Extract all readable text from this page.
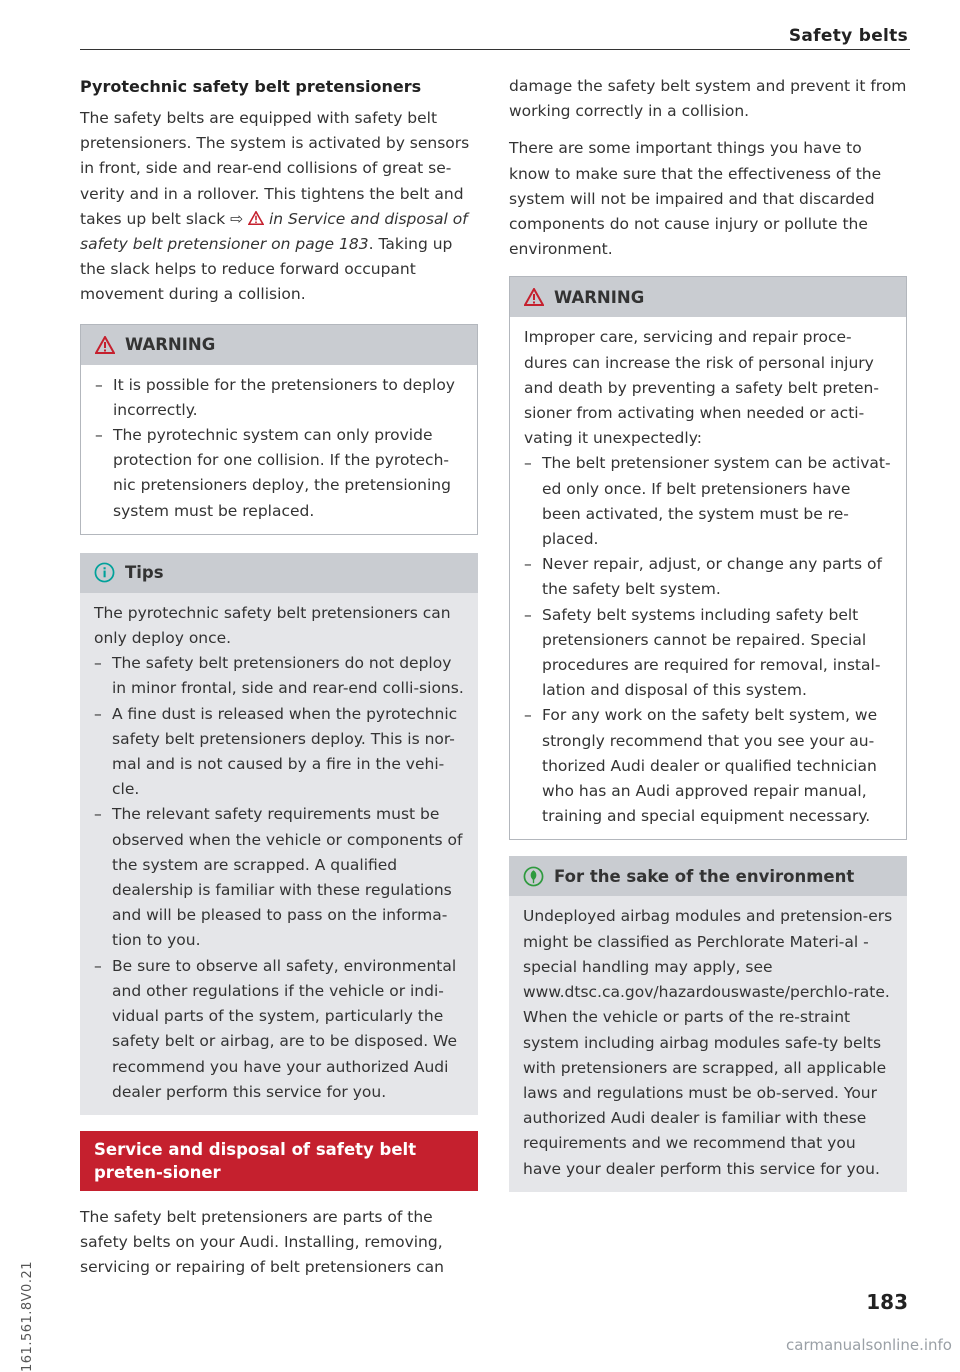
Safety belts
Pyrotechnic safety belt pretensioners

The safety belts are equipped with safety belt pretensioners. The system is activated by sensors in front, side and rear-end collisions of great se-verity and in a rollover. This tightens the belt and takes up belt slack ⇨  in Service and disposal of safety belt pretensioner on page 183. Taking up the slack helps to reduce forward occupant movement during a collision.

WARNING
– It is possible for the pretensioners to deploy incorrectly.
– The pyrotechnic system can only provide protection for one collision. If the pyrotech-nic pretensioners deploy, the pretensioning system must be replaced.
Tips

The pyrotechnic safety belt pretensioners can only deploy once.

– The safety belt pretensioners do not deploy in minor frontal, side and rear-end colli-sions.
– A fine dust is released when the pyrotechnic safety belt pretensioners deploy. This is nor-mal and is not caused by a fire in the vehi-cle.
– The relevant safety requirements must be observed when the vehicle or components of the system are scrapped. A qualified dealership is familiar with these regulations and will be pleased to pass on the informa-tion to you.
– Be sure to observe all safety, environmental and other regulations if the vehicle or indi-vidual parts of the system, particularly the safety belt or airbag, are to be disposed. We recommend you have your authorized Audi dealer perform this service for you.
Service and disposal of safety belt preten-sioner

The safety belt pretensioners are parts of the safety belts on your Audi. Installing, removing, servicing or repairing of belt pretensioners can

damage the safety belt system and prevent it from working correctly in a collision.

There are some important things you have to know to make sure that the effectiveness of the system will not be impaired and that discarded components do not cause injury or pollute the environment.

WARNING

Improper care, servicing and repair proce-dures can increase the risk of personal injury and death by preventing a safety belt preten-sioner from activating when needed or acti-vating it unexpectedly:

– The belt pretensioner system can be activat-ed only once. If belt pretensioners have been activated, the system must be re-placed.
– Never repair, adjust, or change any parts of the safety belt system.
– Safety belt systems including safety belt pretensioners cannot be repaired. Special procedures are required for removal, instal-lation and disposal of this system.
– For any work on the safety belt system, we strongly recommend that you see your au-thorized Audi dealer or qualified technician who has an Audi approved repair manual, training and special equipment necessary.
For the sake of the environment

Undeployed airbag modules and pretension-ers might be classified as Perchlorate Materi-al -special handling may apply, see www.dtsc.ca.gov/hazardouswaste/perchlo-rate. When the vehicle or parts of the re-straint system including airbag modules safe-ty belts with pretensioners are scrapped, all applicable laws and regulations must be ob-served. Your authorized Audi dealer is familiar with these requirements and we recommend that you have your dealer perform this service for you.

161.561.8V0.21	183
carmanualsonline.info
